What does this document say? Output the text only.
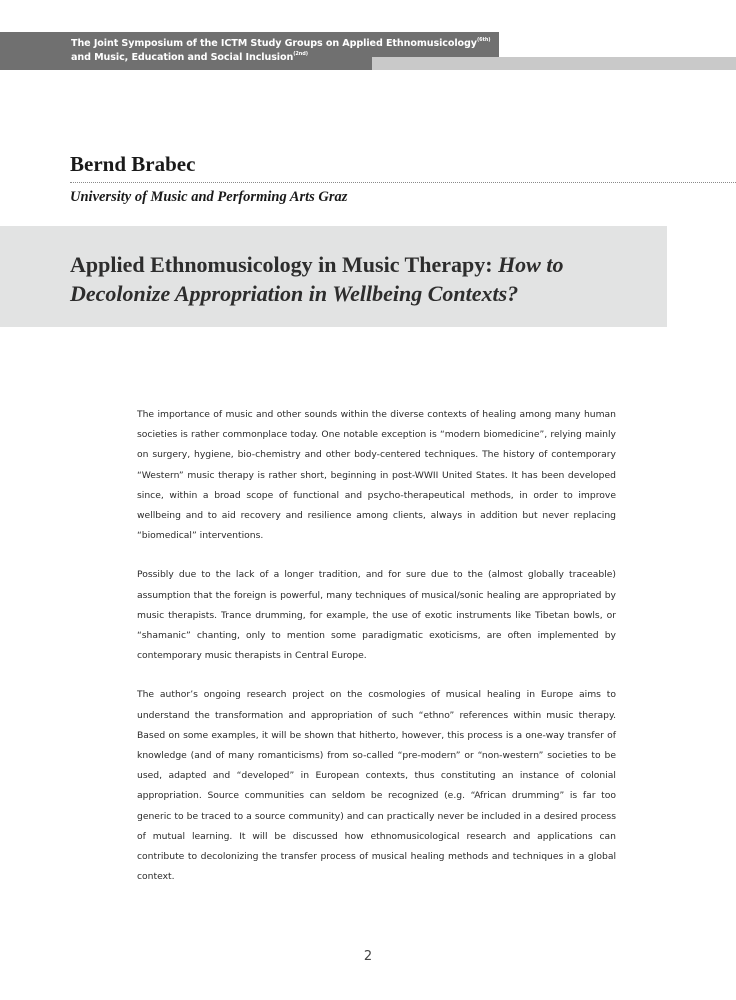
The Joint Symposium of the ICTM Study Groups on Applied Ethnomusicology$^{(6th)}$
and Music, Education and Social Inclusion$^{(2nd)}$
Bernd Brabec
University of Music and Performing Arts Graz
Applied Ethnomusicology in Music Therapy: How to Decolonize Appropriation in Wellbeing Contexts?

The importance of music and other sounds within the diverse contexts of healing among many human societies is rather commonplace today. One notable exception is “modern biomedicine”, relying mainly on surgery, hygiene, bio-chemistry and other body-centered techniques. The history of contemporary “Western” music therapy is rather short, beginning in post-WWII United States. It has been developed since, within a broad scope of functional and psycho-therapeutical methods, in order to improve wellbeing and to aid recovery and resilience among clients, always in addition but never replacing “biomedical” interventions.

Possibly due to the lack of a longer tradition, and for sure due to the (almost globally traceable) assumption that the foreign is powerful, many techniques of musical/sonic healing are appropriated by music therapists. Trance drumming, for example, the use of exotic instruments like Tibetan bowls, or “shamanic” chanting, only to mention some paradigmatic exoticisms, are often implemented by contemporary music therapists in Central Europe.

The author’s ongoing research project on the cosmologies of musical healing in Europe aims to understand the transformation and appropriation of such “ethno” references within music therapy. Based on some examples, it will be shown that hitherto, however, this process is a one-way transfer of knowledge (and of many romanticisms) from so-called “pre-modern” or “non-western” societies to be used, adapted and “developed” in European contexts, thus constituting an instance of colonial appropriation. Source communities can seldom be recognized (e.g. “African drumming” is far too generic to be traced to a source community) and can practically never be included in a desired process of mutual learning. It will be discussed how ethnomusicological research and applications can contribute to decolonizing the transfer process of musical healing methods and techniques in a global context.

2
